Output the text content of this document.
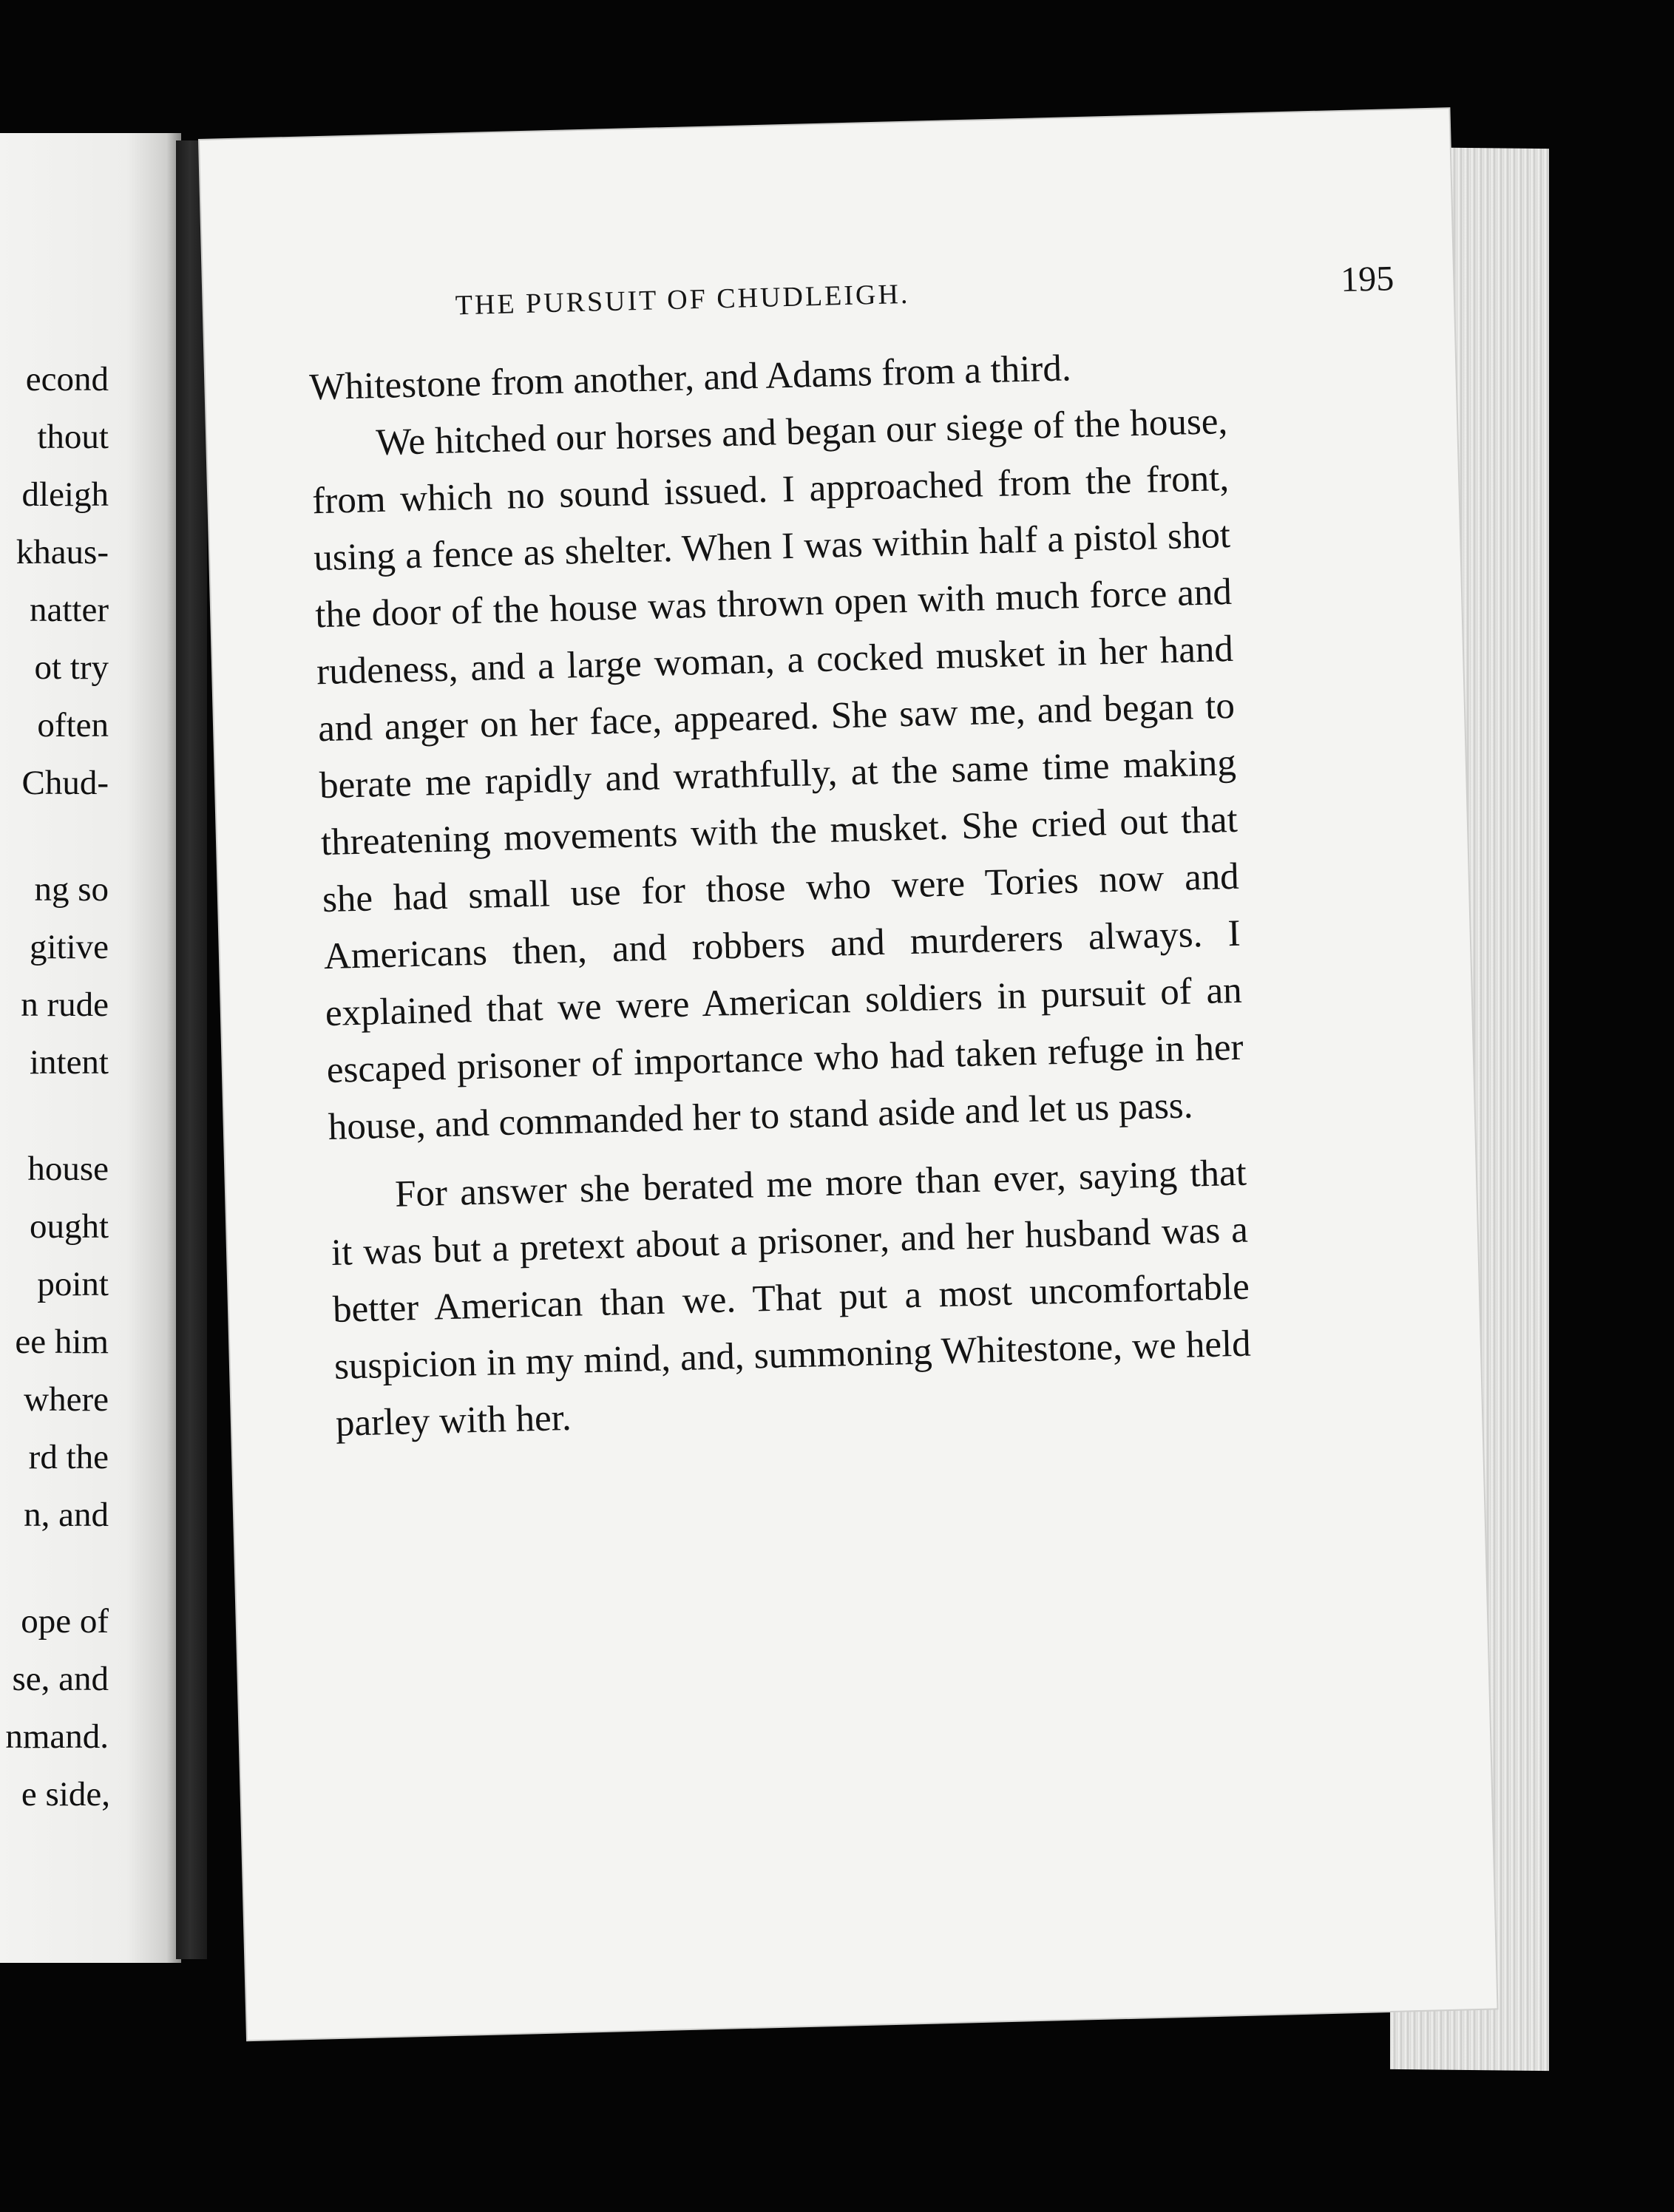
econd
thout
dleigh
khaus-
natter
ot try
often
Chud-
ng so
gitive
n rude
intent
house
ought
point
ee him
where
rd the
n, and
ope of
se, and
nmand.
e side,
THE PURSUIT OF CHUDLEIGH.	195

Whitestone from another, and Adams from a third.

We hitched our horses and began our siege of the house, from which no sound issued. I approached from the front, using a fence as shelter. When I was within half a pistol shot the door of the house was thrown open with much force and rudeness, and a large woman, a cocked musket in her hand and anger on her face, appeared. She saw me, and began to berate me rapidly and wrathfully, at the same time making threatening movements with the musket. She cried out that she had small use for those who were Tories now and Americans then, and robbers and murderers always. I explained that we were American soldiers in pursuit of an escaped prisoner of importance who had taken refuge in her house, and commanded her to stand aside and let us pass.

For answer she berated me more than ever, saying that it was but a pretext about a prisoner, and her husband was a better American than we. That put a most uncomfortable suspicion in my mind, and, summoning Whitestone, we held parley with her.
